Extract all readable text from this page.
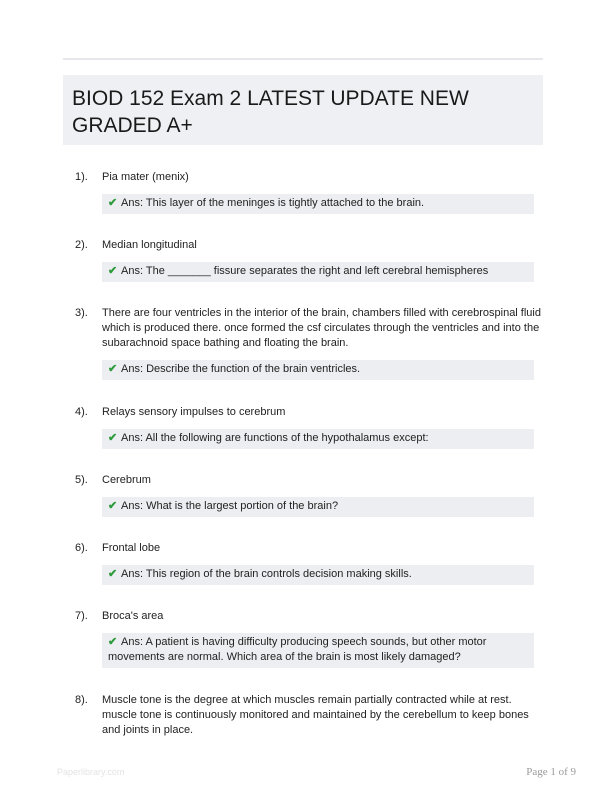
BIOD 152 Exam 2 LATEST UPDATE NEW GRADED A+
1). Pia mater (menix)
✔ Ans: This layer of the meninges is tightly attached to the brain.
2). Median longitudinal
✔ Ans: The _______ fissure separates the right and left cerebral hemispheres
3). There are four ventricles in the interior of the brain, chambers filled with cerebrospinal fluid which is produced there. once formed the csf circulates through the ventricles and into the subarachnoid space bathing and floating the brain.
✔ Ans: Describe the function of the brain ventricles.
4). Relays sensory impulses to cerebrum
✔ Ans: All the following are functions of the hypothalamus except:
5). Cerebrum
✔ Ans: What is the largest portion of the brain?
6). Frontal lobe
✔ Ans: This region of the brain controls decision making skills.
7). Broca's area
✔ Ans: A patient is having difficulty producing speech sounds, but other motor movements are normal. Which area of the brain is most likely damaged?
8). Muscle tone is the degree at which muscles remain partially contracted while at rest. muscle tone is continuously monitored and maintained by the cerebellum to keep bones and joints in place.
Paperlibrary.com	Page 1 of 9
